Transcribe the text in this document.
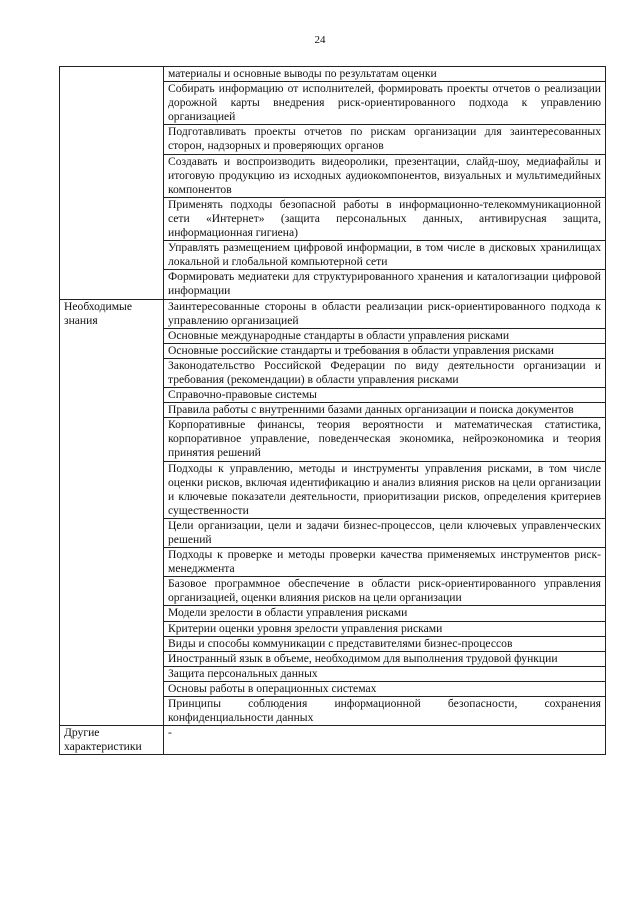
24
	материалы и основные выводы по результатам оценки
	Собирать информацию от исполнителей, формировать проекты отчетов о реализации дорожной карты внедрения риск-ориентированного подхода к управлению организацией
	Подготавливать проекты отчетов по рискам организации для заинтересованных сторон, надзорных и проверяющих органов
	Создавать и воспроизводить видеоролики, презентации, слайд-шоу, медиафайлы и итоговую продукцию из исходных аудиокомпонентов, визуальных и мультимедийных компонентов
	Применять подходы безопасной работы в информационно-телекоммуникационной сети «Интернет» (защита персональных данных, антивирусная защита, информационная гигиена)
	Управлять размещением цифровой информации, в том числе в дисковых хранилищах локальной и глобальной компьютерной сети
	Формировать медиатеки для структурированного хранения и каталогизации цифровой информации
Необходимые знания	Заинтересованные стороны в области реализации риск-ориентированного подхода к управлению организацией
	Основные международные стандарты в области управления рисками
	Основные российские стандарты и требования в области управления рисками
	Законодательство Российской Федерации по виду деятельности организации и требования (рекомендации) в области управления рисками
	Справочно-правовые системы
	Правила работы с внутренними базами данных организации и поиска документов
	Корпоративные финансы, теория вероятности и математическая статистика, корпоративное управление, поведенческая экономика, нейроэкономика и теория принятия решений
	Подходы к управлению, методы и инструменты управления рисками, в том числе оценки рисков, включая идентификацию и анализ влияния рисков на цели организации и ключевые показатели деятельности, приоритизации рисков, определения критериев существенности
	Цели организации, цели и задачи бизнес-процессов, цели ключевых управленческих решений
	Подходы к проверке и методы проверки качества применяемых инструментов риск-менеджмента
	Базовое программное обеспечение в области риск-ориентированного управления организацией, оценки влияния рисков на цели организации
	Модели зрелости в области управления рисками
	Критерии оценки уровня зрелости управления рисками
	Виды и способы коммуникации с представителями бизнес-процессов
	Иностранный язык в объеме, необходимом для выполнения трудовой функции
	Защита персональных данных
	Основы работы в операционных системах
	Принципы соблюдения информационной безопасности, сохранения конфиденциальности данных
Другие характеристики	-
